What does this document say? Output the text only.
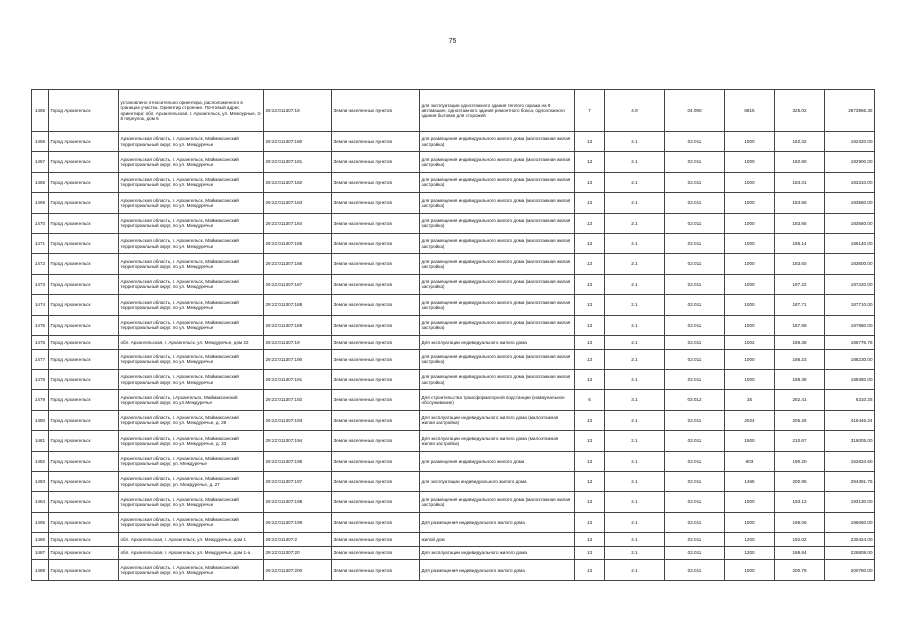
75
1465	Город Архангельск	установлено относительно ориентира, расположенного в границах участка. Ориентир строение. Почтовый адрес ориентира: обл. Архангельская, г. Архангельск, ул. Межоурные, 3-й переулок, дом 6	29:22:011307:18	Земли населенных пунктов	для эксплуатации одноэтажного здания теплого гаража на 9 автомашин, одноэтажного здания ремонтного бокса, одноэтажного здания бытовки для сторожей	7	4.9	04.090	6815	325.02	2873956.30
1466	Город Архангельск	Архангельская область, г. Архангельск, Маймаксанский территориальный округ, по ул. Междуречье	29:22:011307:180	Земли населенных пунктов	для размещения индивидуального жилого дома (малоэтажная жилая застройка)	13	2.1	02.011	1000	182.32	182320.00
1467	Город Архангельск	Архангельская область, г. Архангельск, Маймаксанский территориальный округ, по ул. Междуречье	29:22:011307:181	Земли населенных пунктов	для размещения индивидуального жилого дома (малоэтажная жилая застройка)	13	2.1	02.011	1000	182.90	182900.00
1468	Город Архангельск	Архангельская область, г. Архангельск, Маймаксанский территориальный округ, по ул. Междуречье	29:22:011307:182	Земли населенных пунктов	для размещения индивидуального жилого дома (малоэтажная жилая застройка)	13	2.1	02.011	1000	183.31	183310.00
1469	Город Архангельск	Архангельская область, г. Архангельск, Маймаксанский территориальный округ, по ул. Междуречье	29:22:011307:183	Земли населенных пунктов	для размещения индивидуального жилого дома (малоэтажная жилая застройка)	13	2.1	02.011	1000	183.56	183560.00
1470	Город Архангельск	Архангельская область, г. Архангельск, Маймаксанский территориальный округ, по ул. Междуречье	29:22:011307:184	Земли населенных пунктов	для размещения индивидуального жилого дома (малоэтажная жилая застройка)	13	2.1	02.011	1000	183.66	183660.00
1471	Город Архангельск	Архангельская область, г. Архангельск, Маймаксанский территориальный округ, по ул. Междуречье	29:22:011307:185	Земли населенных пунктов	для размещения индивидуального жилого дома (малоэтажная жилая застройка)	13	2.1	02.011	1000	186.14	186140.00
1472	Город Архангельск	Архангельская область, г. Архангельск, Маймаксанский территориальный округ, по ул. Междуречье	29:22:011307:186	Земли населенных пунктов	для размещения индивидуального жилого дома (малоэтажная жилая застройка)	13	2.1	02.011	1000	183.60	183600.00
1473	Город Архангельск	Архангельская область, г. Архангельск, Маймаксанский территориальный округ, по ул. Междуречье	29:22:011307:187	Земли населенных пунктов	для размещения индивидуального жилого дома (малоэтажная жилая застройка)	13	2.1	02.011	1000	187.22	187220.00
1474	Город Архангельск	Архангельская область, г. Архангельск, Маймаксанский территориальный округ, по ул. Междуречье	29:22:011307:188	Земли населенных пунктов	для размещения индивидуального жилого дома (малоэтажная жилая застройка)	13	2.1	02.011	1000	187.71	187710.00
1475	Город Архангельск	Архангельская область, г. Архангельск, Маймаксанский территориальный округ, по ул. Междуречье	29:22:011307:189	Земли населенных пунктов	для размещения индивидуального жилого дома (малоэтажная жилая застройка)	13	2.1	02.011	1000	187.89	187890.00
1476	Город Архангельск	обл. Архангельская, г. Архангельск, ул. Междуречье, дом 22	29:22:011307:19	Земли населенных пунктов	Для эксплуатации индивидуального жилого дома	13	2.1	02.011	1002	186.38	186776.76
1477	Город Архангельск	Архангельская область, г. Архангельск, Маймаксанский территориальный округ, по ул. Междуречье	29:22:011307:190	Земли населенных пунктов	для размещения индивидуального жилого дома (малоэтажная жилая застройка)	13	2.1	02.011	1000	188.23	188230.00
1478	Город Архангельск	Архангельская область, г. Архангельск, Маймаксанский территориальный округ, по ул. Междуречье	29:22:011307:191	Земли населенных пунктов	для размещения индивидуального жилого дома (малоэтажная жилая застройка)	13	2.1	02.011	1000	188.38	188380.00
1479	Город Архангельск	Архангельская область, г.Архангельск, Маймаксанский территориальный округ, по ул.Междуречье	29:22:011307:192	Земли населенных пунктов	Для строительства трансформаторной подстанции (коммунальное обслуживание)	6	3.1	03.012	25	252.41	6310.25
1480	Город Архангельск	Архангельская область, г. Архангельск, Маймаксанский территориальный округ, по ул. Междуречье, д. 28	29:22:011307:193	Земли населенных пунктов	Для эксплуатации индивидуального жилого дома (малоэтажная жилая застройка)	13	2.1	02.011	2024	205.26	415446.24
1481	Город Архангельск	Архангельская область, г. Архангельск, Маймаксанский территориальный округ, по ул. Междуречье, д. 33	29:22:011307:194	Земли населенных пунктов	Для эксплуатации индивидуального жилого дома (малоэтажная жилая застройка)	13	2.1	02.011	1500	210.67	316005.00
1482	Город Архангельск	Архангельская область, г. Архангельск, Маймаксанский территориальный округ, ул. Междуречье	29:22:011307:196	Земли населенных пунктов	для размещения индивидуального жилого дома	13	2.1	02.011	803	190.20	152634.60
1483	Город Архангельск	Архангельская область, г. Архангельск, Маймаксанский территориальный округ, ул. Междуречье, д. 27	29:22:011307:197	Земли населенных пунктов	для эксплуатации индивидуального жилого дома	13	2.1	02.011	1465	200.95	294391.75
1484	Город Архангельск	Архангельская область, г. Архангельск, Маймаксанский территориальный округ, по ул. Междуречье	29:22:011307:198	Земли населенных пунктов	для размещения индивидуального жилого дома (малоэтажная жилая застройка)	13	2.1	02.011	1000	193.13	193130.00
1485	Город Архангельск	Архангельская область, г. Архангельск, Маймаксанский территориальный округ, по ул. Междуречье	29:22:011307:199	Земли населенных пунктов	Для размещения индивидуального жилого дома	13	2.1	02.011	1000	196.06	196060.00
1486	Город Архангельск	обл. Архангельская, г. Архангельск, ул. Междуречье, дом 1	29:22:011307:2	Земли населенных пунктов	жилой дом	13	2.1	02.011	1200	192.02	230424.00
1487	Город Архангельск	обл. Архангельская, г. Архангельск, ул. Междуречье, дом 1-а	29:22:011307:20	Земли населенных пунктов	Для эксплуатации индивидуального жилого дома	13	2.1	02.011	1200	188.84	226608.00
1488	Город Архангельск	Архангельская область, г. Архангельск, Маймаксанский территориальный округ, по ул. Междуречье	29:22:011307:200	Земли населенных пунктов	Для размещения индивидуального жилого дома	13	2.1	02.011	1000	200.78	200780.00
